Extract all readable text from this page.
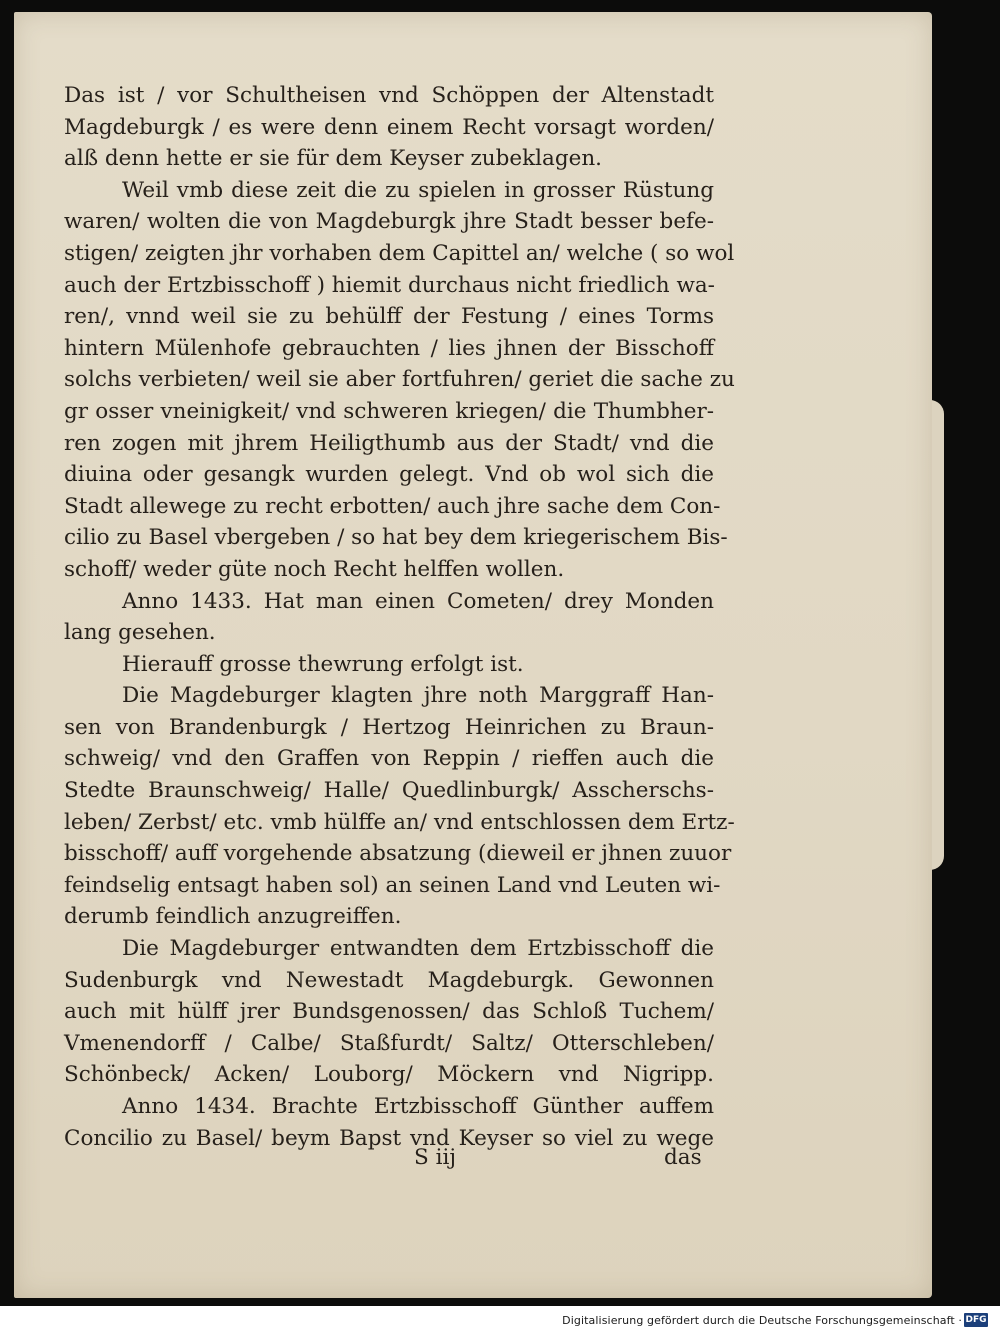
Das ist / vor Schultheisen vnd Schöppen der Altenstadt
Magdeburgk / es were denn einem Recht vorsagt worden/
alß denn hette er sie für dem Keyser zubeklagen.
Weil vmb diese zeit die zu spielen in grosser Rüstung
waren/ wolten die von Magdeburgk jhre Stadt besser befe-
stigen/ zeigten jhr vorhaben dem Capittel an/ welche ( so wol
auch der Ertzbisschoff ) hiemit durchaus nicht friedlich wa-
ren/, vnnd weil sie zu behülff der Festung / eines Torms
hintern Mülenhofe gebrauchten / lies jhnen der Bisschoff
solchs verbieten/ weil sie aber fortfuhren/ geriet die sache zu
gr osser vneinigkeit/ vnd schweren kriegen/ die Thumbher-
ren zogen mit jhrem Heiligthumb aus der Stadt/ vnd die
diuina oder gesangk wurden gelegt. Vnd ob wol sich die
Stadt allewege zu recht erbotten/ auch jhre sache dem Con-
cilio zu Basel vbergeben / so hat bey dem kriegerischem Bis-
schoff/ weder güte noch Recht helffen wollen.
Anno 1433. Hat man einen Cometen/ drey Monden
lang gesehen.
Hierauff grosse thewrung erfolgt ist.
Die Magdeburger klagten jhre noth Marggraff Han-
sen von Brandenburgk / Hertzog Heinrichen zu Braun-
schweig/ vnd den Graffen von Reppin / rieffen auch die
Stedte Braunschweig/ Halle/ Quedlinburgk/ Asscherschs-
leben/ Zerbst/ etc. vmb hülffe an/ vnd entschlossen dem Ertz-
bisschoff/ auff vorgehende absatzung (dieweil er jhnen zuuor
feindselig entsagt haben sol) an seinen Land vnd Leuten wi-
derumb feindlich anzugreiffen.
Die Magdeburger entwandten dem Ertzbisschoff die
Sudenburgk vnd Newestadt Magdeburgk. Gewonnen
auch mit hülff jrer Bundsgenossen/ das Schloß Tuchem/
Vmenendorff / Calbe/ Staßfurdt/ Saltz/ Otterschleben/
Schönbeck/ Acken/ Louborg/ Möckern vnd Nigripp.
Anno 1434. Brachte Ertzbisschoff Günther auffem
Concilio zu Basel/ beym Bapst vnd Keyser so viel zu wege
S iij	das
Digitalisierung gefördert durch die Deutsche Forschungsgemeinschaft · DFG
